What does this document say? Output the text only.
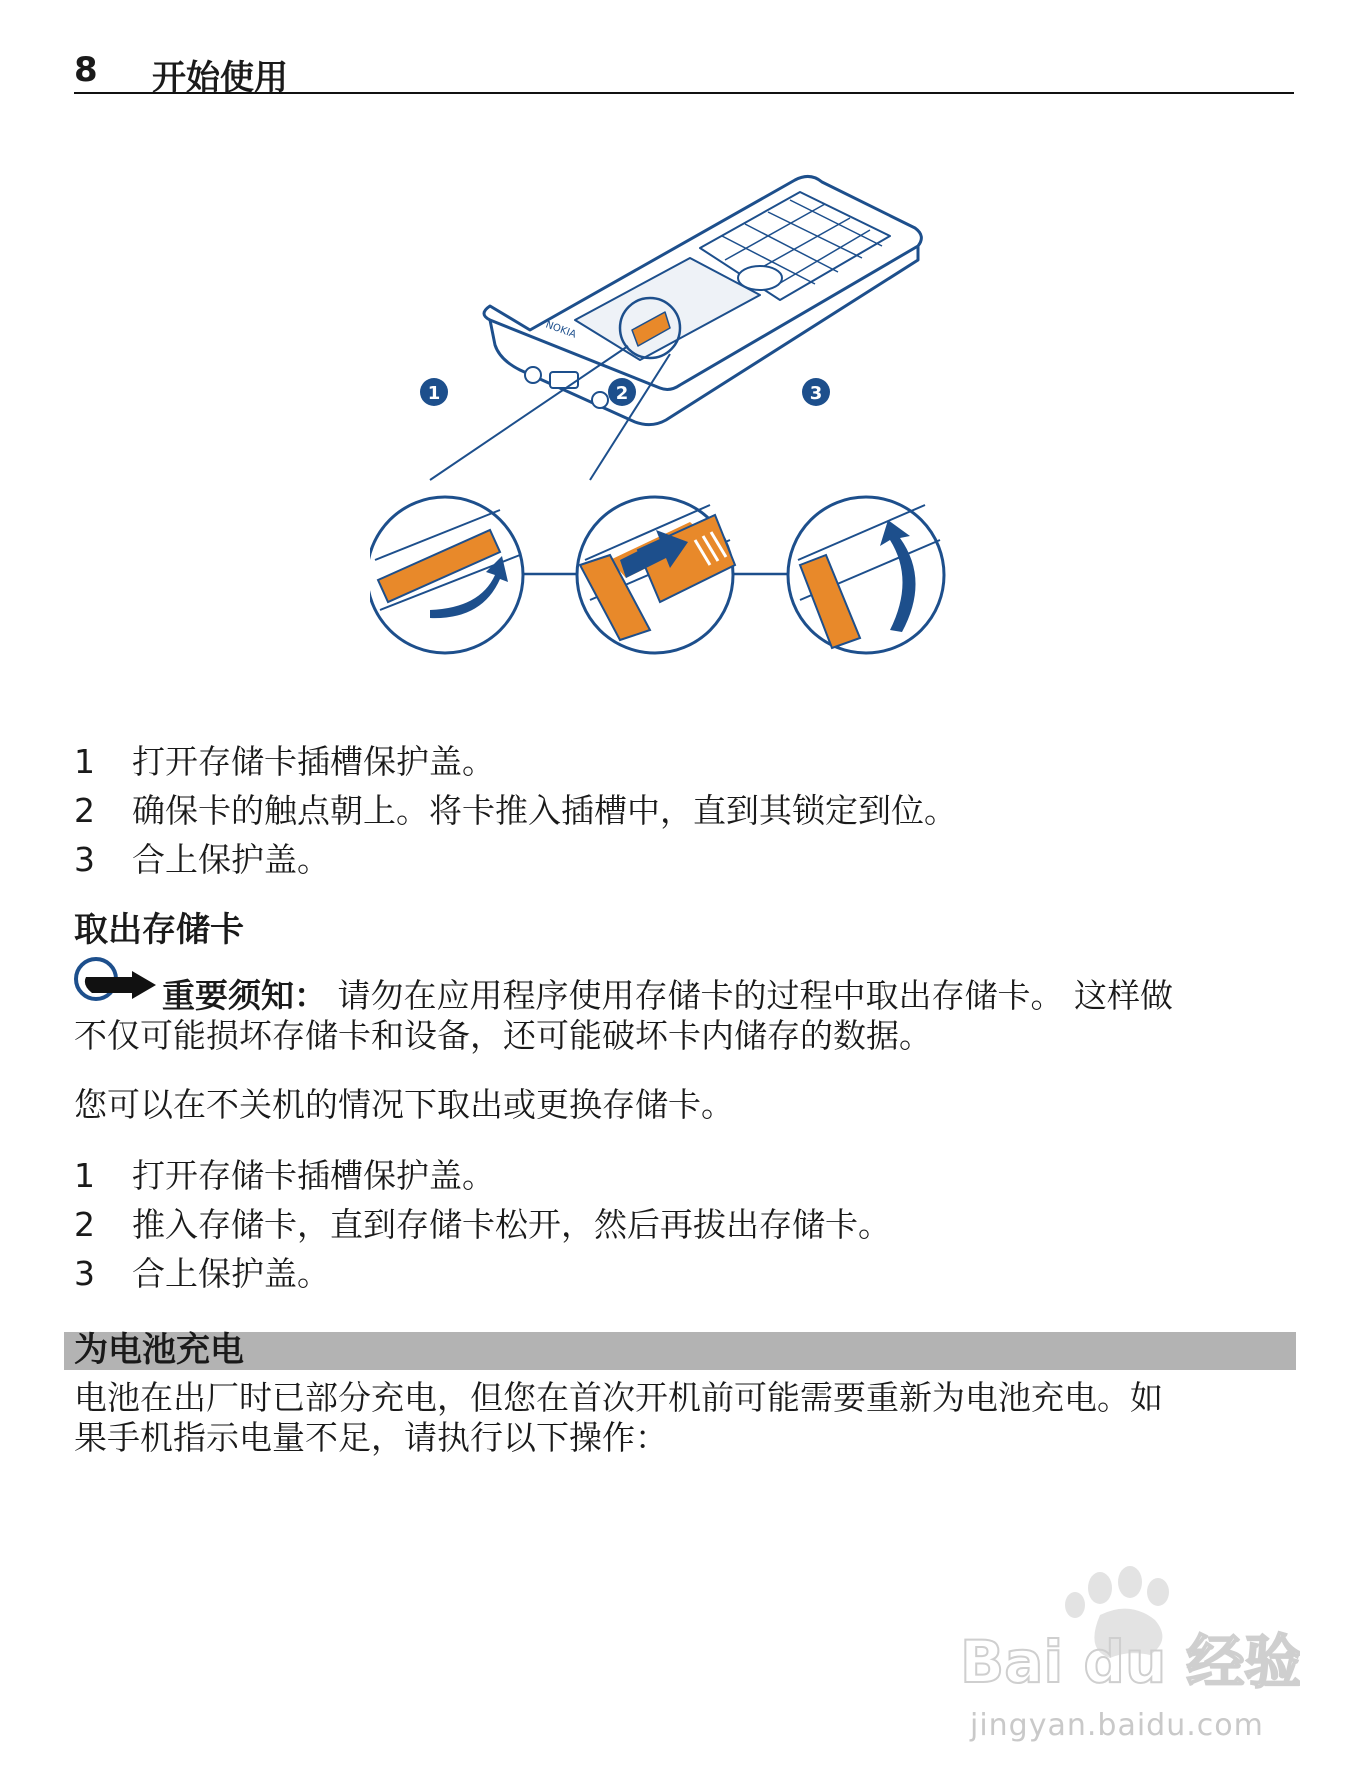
8 开始使用
NOKIA
1	2	3
1 打开存储卡插槽保护盖。
2 确保卡的触点朝上。将卡推入插槽中，直到其锁定到位。
3 合上保护盖。
取出存储卡
重要须知： 请勿在应用程序使用存储卡的过程中取出存储卡。 这样做
不仅可能损坏存储卡和设备，还可能破坏卡内储存的数据。
您可以在不关机的情况下取出或更换存储卡。
1 打开存储卡插槽保护盖。
2 推入存储卡，直到存储卡松开，然后再拔出存储卡。
3 合上保护盖。
为电池充电
电池在出厂时已部分充电，但您在首次开机前可能需要重新为电池充电。如
果手机指示电量不足，请执行以下操作：
Bai du 经验
jingyan.baidu.com
